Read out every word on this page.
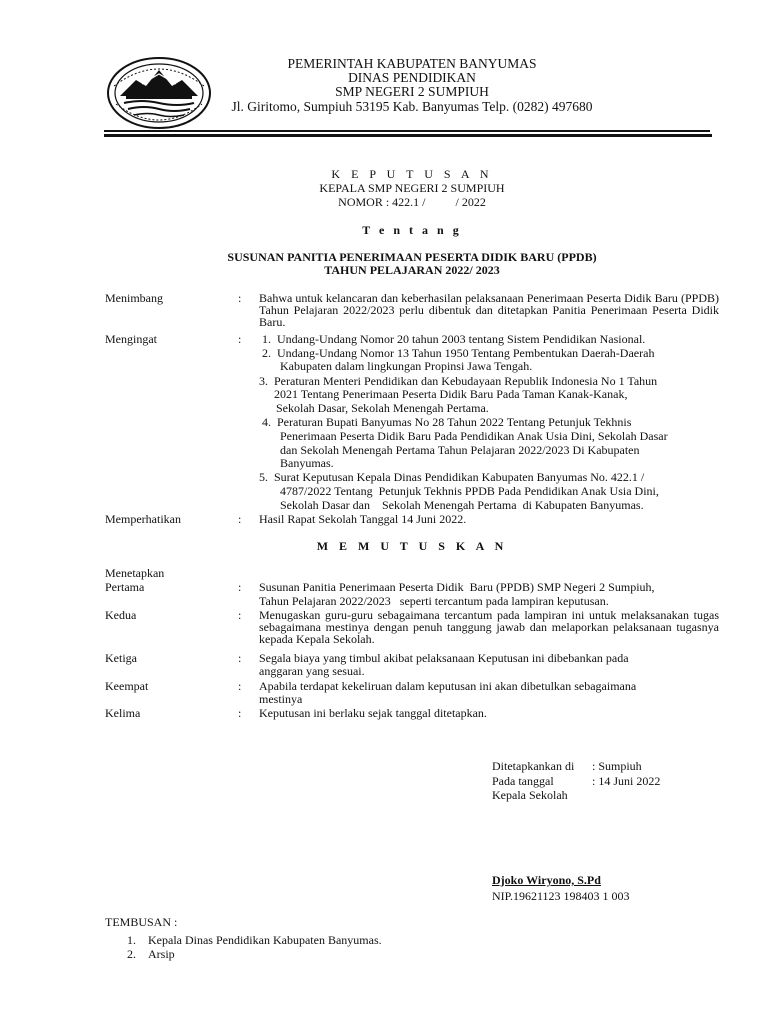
PEMERINTAH KABUPATEN BANYUMAS
DINAS PENDIDIKAN
SMP NEGERI 2 SUMPIUH
Jl. Giritomo, Sumpiuh 53195 Kab. Banyumas Telp. (0282) 497680
K E P U T U S A N
KEPALA SMP NEGERI 2 SUMPIUH
NOMOR : 422.1 /          / 2022
T e n t a n g
SUSUNAN PANITIA PENERIMAAN PESERTA DIDIK BARU (PPDB)
TAHUN PELAJARAN 2022/ 2023
Menimbang	: Bahwa untuk kelancaran dan keberhasilan pelaksanaan Penerimaan Peserta Didik Baru (PPDB) Tahun Pelajaran 2022/2023 perlu dibentuk dan ditetapkan Panitia Penerimaan Peserta Didik Baru.
Mengingat	: 1. Undang-Undang Nomor 20 tahun 2003 tentang Sistem Pendidikan Nasional.
2. Undang-Undang Nomor 13 Tahun 1950 Tentang Pembentukan Daerah-Daerah
Kabupaten dalam lingkungan Propinsi Jawa Tengah.
3. Peraturan Menteri Pendidikan dan Kebudayaan Republik Indonesia No 1 Tahun
2021 Tentang Penerimaan Peserta Didik Baru Pada Taman Kanak-Kanak,
Sekolah Dasar, Sekolah Menengah Pertama.
4. Peraturan Bupati Banyumas No 28 Tahun 2022 Tentang Petunjuk Tekhnis
Penerimaan Peserta Didik Baru Pada Pendidikan Anak Usia Dini, Sekolah Dasar
dan Sekolah Menengah Pertama Tahun Pelajaran 2022/2023 Di Kabupaten
Banyumas.
5. Surat Keputusan Kepala Dinas Pendidikan Kabupaten Banyumas No. 422.1 /
4787/2022 Tentang  Petunjuk Tekhnis PPDB Pada Pendidikan Anak Usia Dini,
Sekolah Dasar dan    Sekolah Menengah Pertama  di Kabupaten Banyumas.
Memperhatikan	: Hasil Rapat Sekolah Tanggal 14 Juni 2022.
M E M U T U S K A N
Menetapkan
Pertama	: Susunan Panitia Penerimaan Peserta Didik  Baru (PPDB) SMP Negeri 2 Sumpiuh,
Tahun Pelajaran 2022/2023   seperti tercantum pada lampiran keputusan.
Kedua	: Menugaskan guru-guru sebagaimana tercantum pada lampiran ini untuk melaksanakan tugas sebagaimana mestinya dengan penuh tanggung jawab dan melaporkan pelaksanaan tugasnya kepada Kepala Sekolah.
Ketiga	: Segala biaya yang timbul akibat pelaksanaan Keputusan ini dibebankan pada
anggaran yang sesuai.
Keempat	: Apabila terdapat kekeliruan dalam keputusan ini akan dibetulkan sebagaimana
mestinya
Kelima	: Keputusan ini berlaku sejak tanggal ditetapkan.
Ditetapkankan di : Sumpiuh
Pada tanggal	: 14 Juni 2022
Kepala Sekolah
Djoko Wiryono, S.Pd
NIP.19621123 198403 1 003
TEMBUSAN :
1. Kepala Dinas Pendidikan Kabupaten Banyumas.
2. Arsip
